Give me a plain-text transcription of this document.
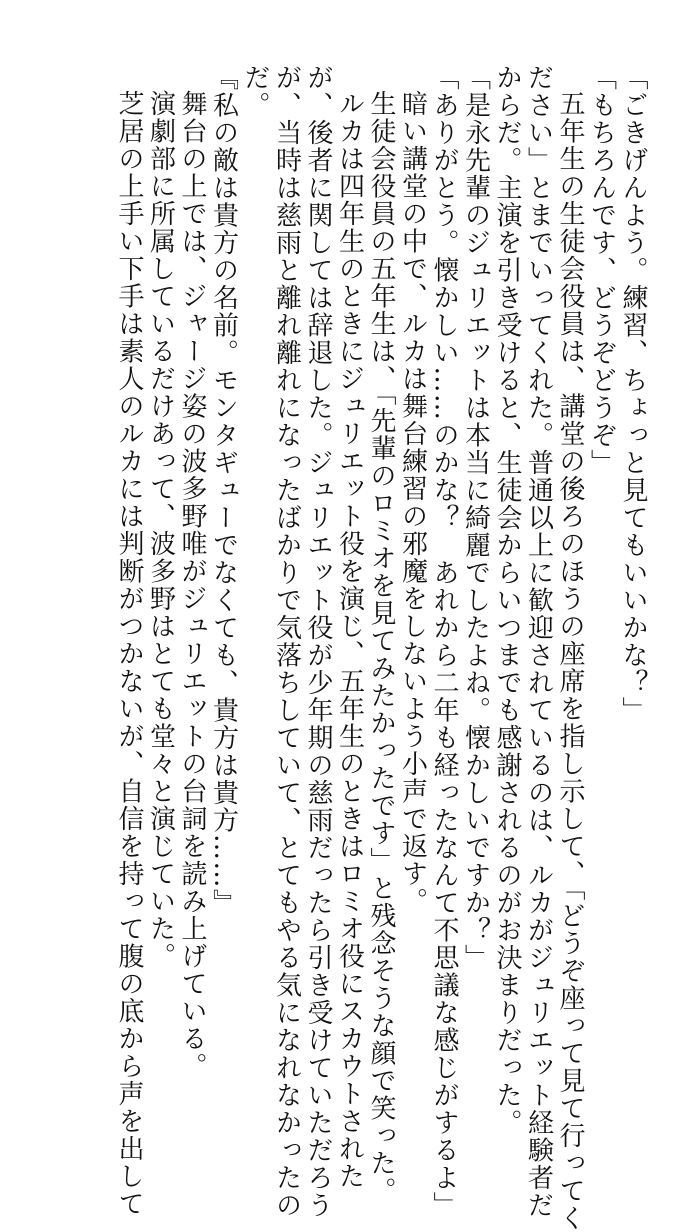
「ごきげんよう。練習、ちょっと見てもいいかな？」
「もちろんです、どうぞどうぞ」
五年生の生徒会役員は、講堂の後ろのほうの座席を指し示して、「どうぞ座って見て行ってく
ださい」とまでいってくれた。普通以上に歓迎されているのは、ルカがジュリエット経験者だ
からだ。主演を引き受けると、生徒会からいつまでも感謝されるのがお決まりだった。
「是永先輩のジュリエットは本当に綺麗でしたよね。懐かしいですか？」
「ありがとう。懐かしい……のかな？　あれから二年も経ったなんて不思議な感じがするよ」
暗い講堂の中で、ルカは舞台練習の邪魔をしないよう小声で返す。
生徒会役員の五年生は、「先輩のロミオを見てみたかったです」と残念そうな顔で笑った。
ルカは四年生のときにジュリエット役を演じ、五年生のときはロミオ役にスカウトされた
が、後者に関しては辞退した。ジュリエット役が少年期の慈雨だったら引き受けていただろう
が、当時は慈雨と離れ離れになったばかりで気落ちしていて、とてもやる気になれなかったの
だ。
『私の敵は貴方の名前。モンタギューでなくても、貴方は貴方……』
舞台の上では、ジャージ姿の波多野唯がジュリエットの台詞を読み上げている。
演劇部に所属しているだけあって、波多野はとても堂々と演じていた。
芝居の上手い下手は素人のルカには判断がつかないが、自信を持って腹の底から声を出して
